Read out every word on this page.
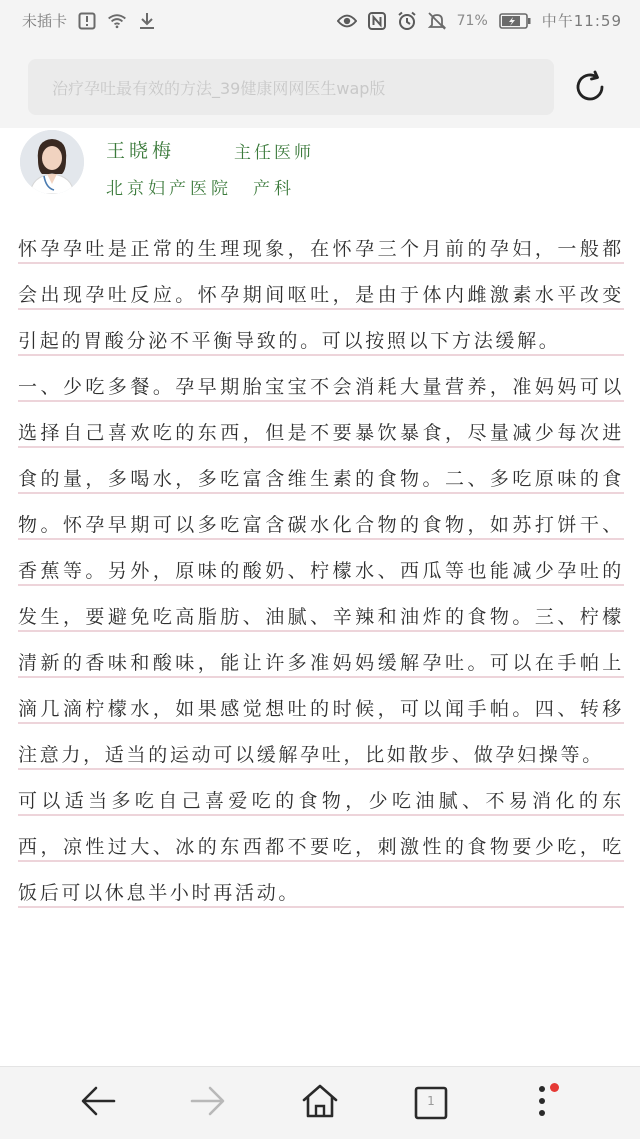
未插卡	71%	中午11:59
治疗孕吐最有效的方法_39健康网网医生wap版
王晓梅	主任医师
北京妇产医院　产科

怀孕孕吐是正常的生理现象，在怀孕三个月前的孕妇，一般都会出现孕吐反应。怀孕期间呕吐，是由于体内雌激素水平改变引起的胃酸分泌不平衡导致的。可以按照以下方法缓解。

一、少吃多餐。孕早期胎宝宝不会消耗大量营养，准妈妈可以选择自己喜欢吃的东西，但是不要暴饮暴食，尽量减少每次进食的量，多喝水，多吃富含维生素的食物。二、多吃原味的食物。怀孕早期可以多吃富含碳水化合物的食物，如苏打饼干、香蕉等。另外，原味的酸奶、柠檬水、西瓜等也能减少孕吐的发生，要避免吃高脂肪、油腻、辛辣和油炸的食物。三、柠檬清新的香味和酸味，能让许多准妈妈缓解孕吐。可以在手帕上滴几滴柠檬水，如果感觉想吐的时候，可以闻手帕。四、转移注意力，适当的运动可以缓解孕吐，比如散步、做孕妇操等。

可以适当多吃自己喜爱吃的食物，少吃油腻、不易消化的东西，凉性过大、冰的东西都不要吃，刺激性的食物要少吃，吃饭后可以休息半小时再活动。

1
